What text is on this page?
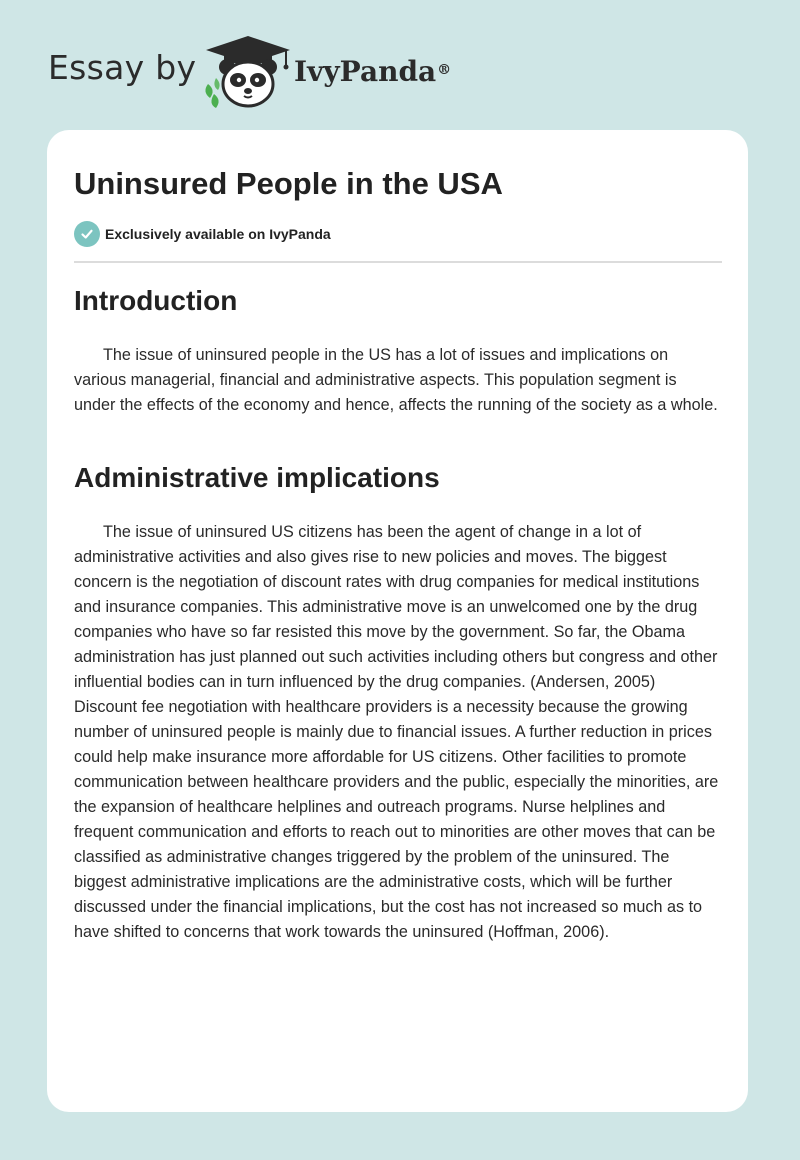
Essay by	IvyPanda®
Uninsured People in the USA
Exclusively available on IvyPanda
Introduction

The issue of uninsured people in the US has a lot of issues and implications on various managerial, financial and administrative aspects. This population segment is under the effects of the economy and hence, affects the running of the society as a whole.

Administrative implications

The issue of uninsured US citizens has been the agent of change in a lot of administrative activities and also gives rise to new policies and moves. The biggest concern is the negotiation of discount rates with drug companies for medical institutions and insurance companies. This administrative move is an unwelcomed one by the drug companies who have so far resisted this move by the government. So far, the Obama administration has just planned out such activities including others but congress and other influential bodies can in turn influenced by the drug companies. (Andersen, 2005) Discount fee negotiation with healthcare providers is a necessity because the growing number of uninsured people is mainly due to financial issues. A further reduction in prices could help make insurance more affordable for US citizens. Other facilities to promote communication between healthcare providers and the public, especially the minorities, are the expansion of healthcare helplines and outreach programs. Nurse helplines and frequent communication and efforts to reach out to minorities are other moves that can be classified as administrative changes triggered by the problem of the uninsured. The biggest administrative implications are the administrative costs, which will be further discussed under the financial implications, but the cost has not increased so much as to have shifted to concerns that work towards the uninsured (Hoffman, 2006).
